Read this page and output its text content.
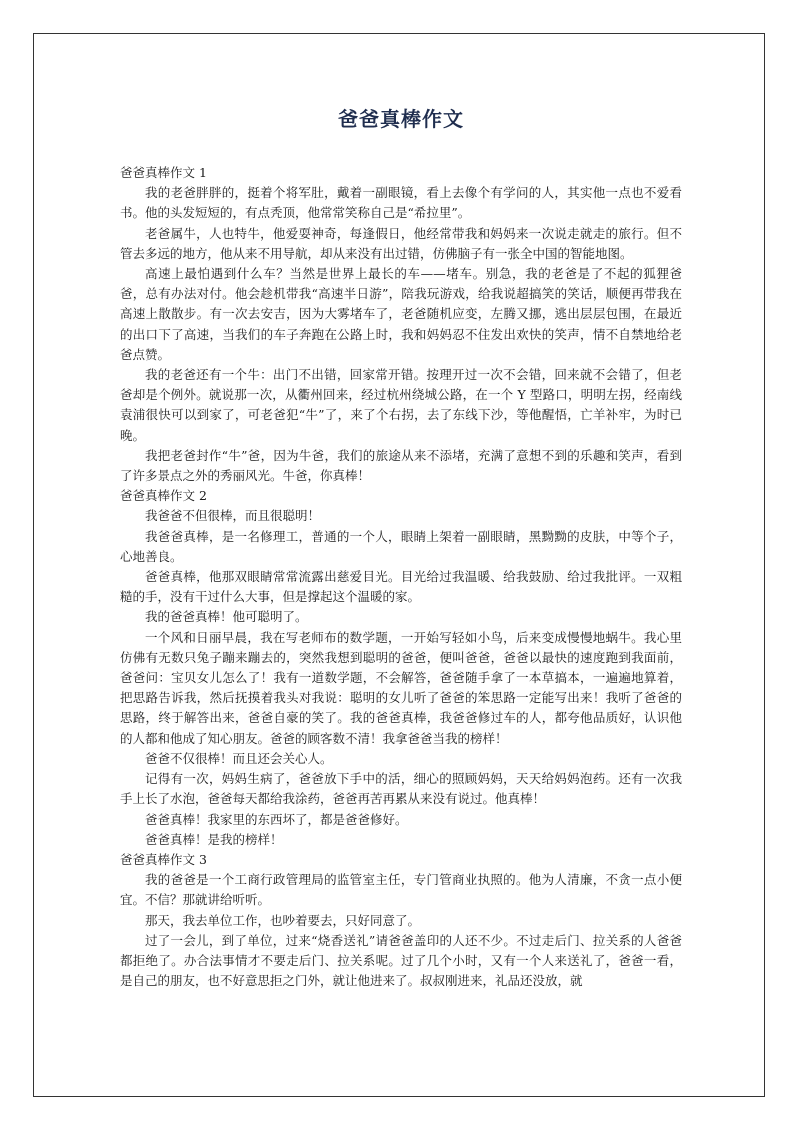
爸爸真棒作文

爸爸真棒作文 1

我的老爸胖胖的，挺着个将军肚，戴着一副眼镜，看上去像个有学问的人，其实他一点也不爱看书。他的头发短短的，有点秃顶，他常常笑称自己是“希拉里”。

老爸属牛，人也特牛，他爱耍神奇，每逢假日，他经常带我和妈妈来一次说走就走的旅行。但不管去多远的地方，他从来不用导航，却从来没有出过错，仿佛脑子有一张全中国的智能地图。

高速上最怕遇到什么车？当然是世界上最长的车——堵车。别急，我的老爸是了不起的狐狸爸爸，总有办法对付。他会趁机带我“高速半日游”，陪我玩游戏，给我说超搞笑的笑话，顺便再带我在高速上散散步。有一次去安吉，因为大雾堵车了，老爸随机应变，左腾又挪，逃出层层包围，在最近的出口下了高速，当我们的车子奔跑在公路上时，我和妈妈忍不住发出欢快的笑声，情不自禁地给老爸点赞。

我的老爸还有一个牛：出门不出错，回家常开错。按理开过一次不会错，回来就不会错了，但老爸却是个例外。就说那一次，从衢州回来，经过杭州绕城公路，在一个 Y 型路口，明明左拐，经南线袁浦很快可以到家了，可老爸犯“牛”了，来了个右拐，去了东线下沙，等他醒悟，亡羊补牢，为时已晚。

我把老爸封作“牛”爸，因为牛爸，我们的旅途从来不添堵，充满了意想不到的乐趣和笑声，看到了许多景点之外的秀丽风光。牛爸，你真棒！

爸爸真棒作文 2

我爸爸不但很棒，而且很聪明！

我爸爸真棒，是一名修理工，普通的一个人，眼睛上架着一副眼睛，黑黝黝的皮肤，中等个子，心地善良。

爸爸真棒，他那双眼睛常常流露出慈爱目光。目光给过我温暖、给我鼓励、给过我批评。一双粗糙的手，没有干过什么大事，但是撑起这个温暖的家。

我的爸爸真棒！他可聪明了。

一个风和日丽早晨，我在写老师布的数学题，一开始写轻如小鸟，后来变成慢慢地蜗牛。我心里仿佛有无数只兔子蹦来蹦去的，突然我想到聪明的爸爸，便叫爸爸，爸爸以最快的速度跑到我面前，爸爸问：宝贝女儿怎么了！我有一道数学题，不会解答，爸爸随手拿了一本草搞本，一遍遍地算着，把思路告诉我，然后抚摸着我头对我说：聪明的女儿听了爸爸的笨思路一定能写出来！我听了爸爸的思路，终于解答出来，爸爸自豪的笑了。我的爸爸真棒，我爸爸修过车的人，都夸他品质好，认识他的人都和他成了知心朋友。爸爸的顾客数不清！我拿爸爸当我的榜样！

爸爸不仅很棒！而且还会关心人。

记得有一次，妈妈生病了，爸爸放下手中的活，细心的照顾妈妈，天天给妈妈泡药。还有一次我手上长了水泡，爸爸每天都给我涂药，爸爸再苦再累从来没有说过。他真棒！

爸爸真棒！我家里的东西坏了，都是爸爸修好。

爸爸真棒！是我的榜样！

爸爸真棒作文 3

我的爸爸是一个工商行政管理局的监管室主任，专门管商业执照的。他为人清廉，不贪一点小便宜。不信？那就讲给听听。

那天，我去单位工作，也吵着要去，只好同意了。

过了一会儿，到了单位，过来“烧香送礼”请爸爸盖印的人还不少。不过走后门、拉关系的人爸爸都拒绝了。办合法事情才不要走后门、拉关系呢。过了几个小时，又有一个人来送礼了，爸爸一看，是自己的朋友，也不好意思拒之门外，就让他进来了。叔叔刚进来，礼品还没放，就
